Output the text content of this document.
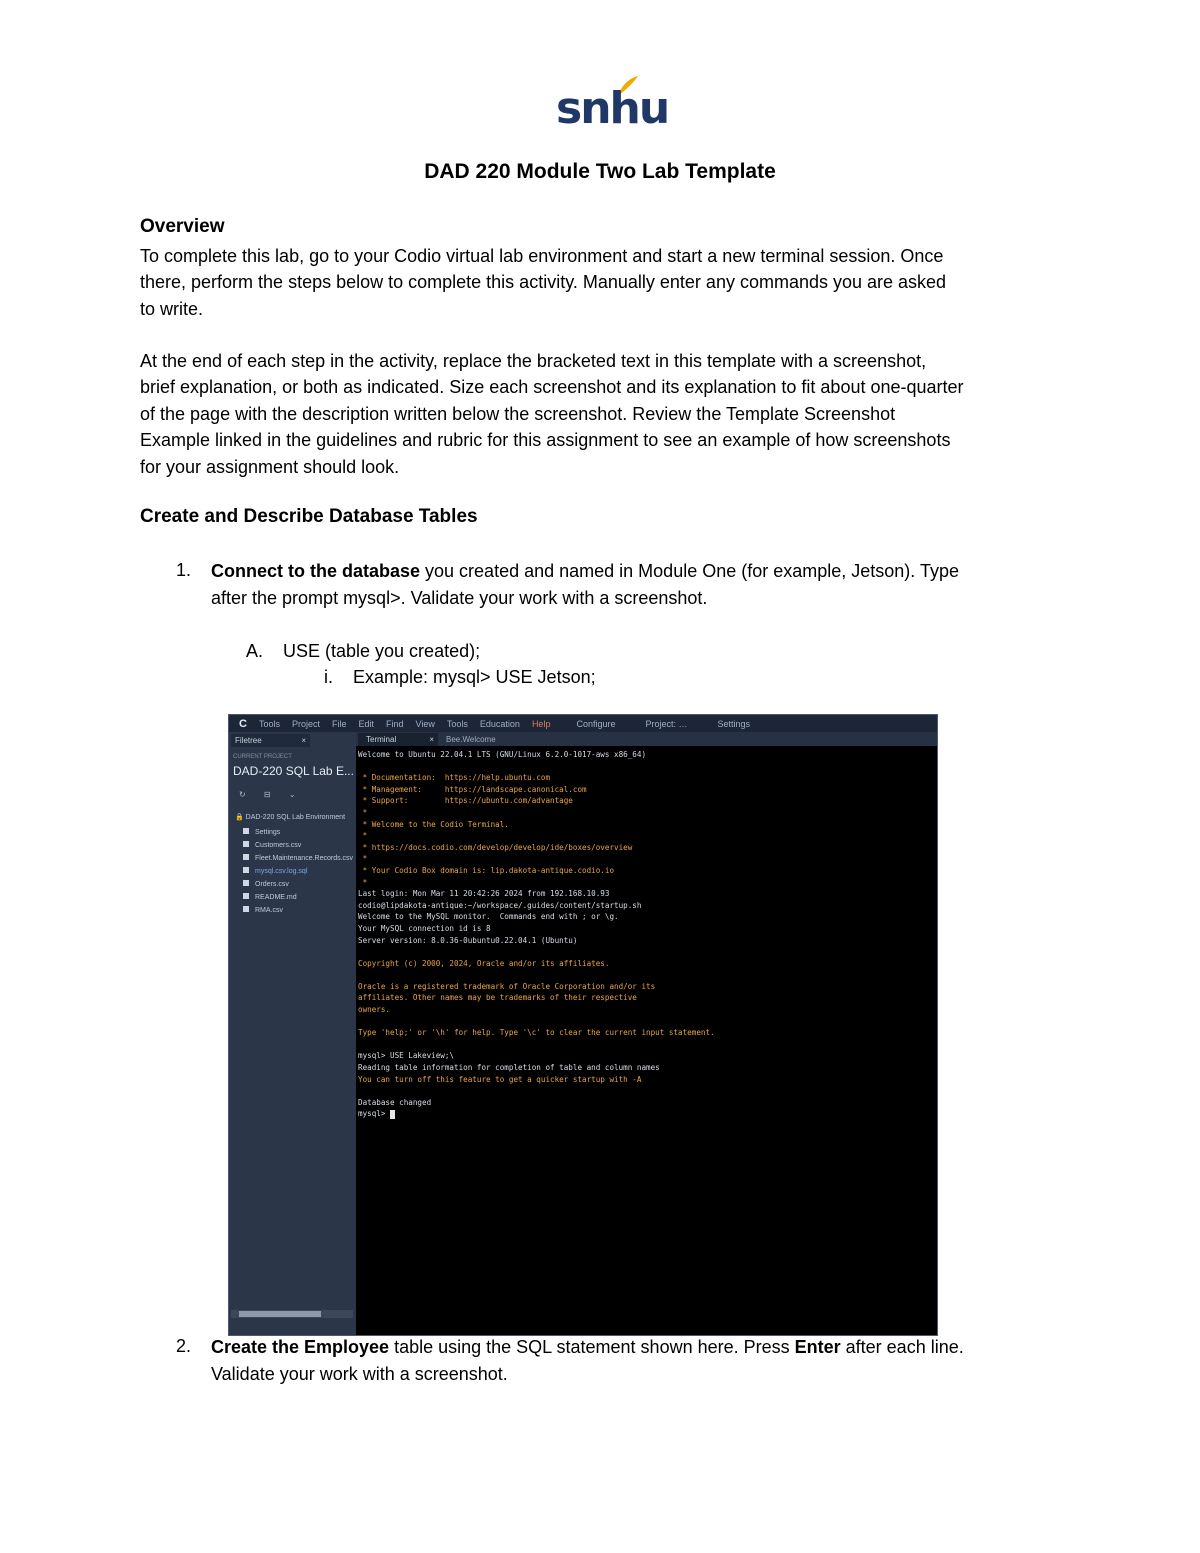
snhu
DAD 220 Module Two Lab Template
Overview

To complete this lab, go to your Codio virtual lab environment and start a new terminal session. Once

there, perform the steps below to complete this activity. Manually enter any commands you are asked

to write.

At the end of each step in the activity, replace the bracketed text in this template with a screenshot,

brief explanation, or both as indicated. Size each screenshot and its explanation to fit about one-quarter

of the page with the description written below the screenshot. Review the Template Screenshot

Example linked in the guidelines and rubric for this assignment to see an example of how screenshots

for your assignment should look.

Create and Describe Database Tables
1. Connect to the database you created and named in Module One (for example, Jetson). Type
after the prompt mysql>. Validate your work with a screenshot.
A. USE (table you created);
i. Example: mysql> USE Jetson;
C Tools Project File Edit Find View Tools Education Help	Configure	Project: …	Settings
Filetree	×
CURRENT PROJECT
DAD-220 SQL Lab E...
↻ ⊟ ⌄
🔒 DAD-220 SQL Lab Environment
Settings
Customers.csv
Fleet.Maintenance.Records.csv
mysql.csv.log.sql
Orders.csv
README.md
RMA.csv
Terminal	×	Bee.Welcome
Welcome to Ubuntu 22.04.1 LTS (GNU/Linux 6.2.0-1017-aws x86_64)
* Documentation:  https://help.ubuntu.com
* Management:     https://landscape.canonical.com
* Support:        https://ubuntu.com/advantage
*
* Welcome to the Codio Terminal.
*
* https://docs.codio.com/develop/develop/ide/boxes/overview
*
* Your Codio Box domain is: lip.dakota-antique.codio.io
*
Last login: Mon Mar 11 20:42:26 2024 from 192.168.10.93
codio@lipdakota-antique:~/workspace/.guides/content/startup.sh
Welcome to the MySQL monitor.  Commands end with ; or \g.
Your MySQL connection id is 8
Server version: 8.0.36-0ubuntu0.22.04.1 (Ubuntu)
Copyright (c) 2000, 2024, Oracle and/or its affiliates.
Oracle is a registered trademark of Oracle Corporation and/or its
affiliates. Other names may be trademarks of their respective
owners.
Type 'help;' or '\h' for help. Type '\c' to clear the current input statement.
mysql> USE Lakeview;\
Reading table information for completion of table and column names
You can turn off this feature to get a quicker startup with -A
Database changed
mysql>
2. Create the Employee table using the SQL statement shown here. Press Enter after each line.
Validate your work with a screenshot.
